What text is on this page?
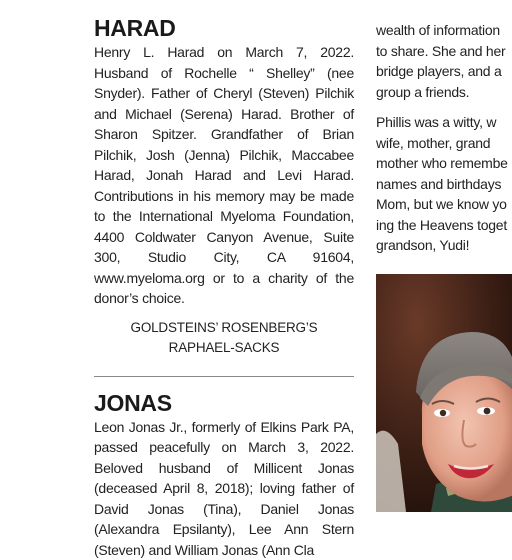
HARAD

Henry L. Harad on March 7, 2022. Husband of Rochelle “ Shelley” (nee Snyder). Father of Cheryl (Steven) Pilchik and Michael (Serena) Harad. Brother of Sharon Spitzer. Grandfather of Brian Pilchik, Josh (Jenna) Pilchik, Maccabee Harad, Jonah Harad and Levi Harad. Contributions in his memory may be made to the International Myeloma Foundation, 4400 Coldwater Canyon Avenue, Suite 300, Studio City, CA 91604, www.myeloma.org or to a charity of the donor’s choice.

GOLDSTEINS’ ROSENBERG’S
RAPHAEL-SACKS
JONAS

Leon Jonas Jr., formerly of Elkins Park PA, passed peacefully on March 3, 2022. Beloved husband of Millicent Jonas (deceased April 8, 2018); loving father of David Jonas (Tina), Daniel Jonas (Alexandra Epsilanty), Lee Ann Stern (Steven) and William Jonas (Ann Cla

wealth of information
to share. She and her
bridge players, and a
group a friends.
Phillis was a witty, w
wife, mother, grand
mother who remembe
names and birthdays
Mom, but we know yo
ing the Heavens toget
grandson, Yudi!
